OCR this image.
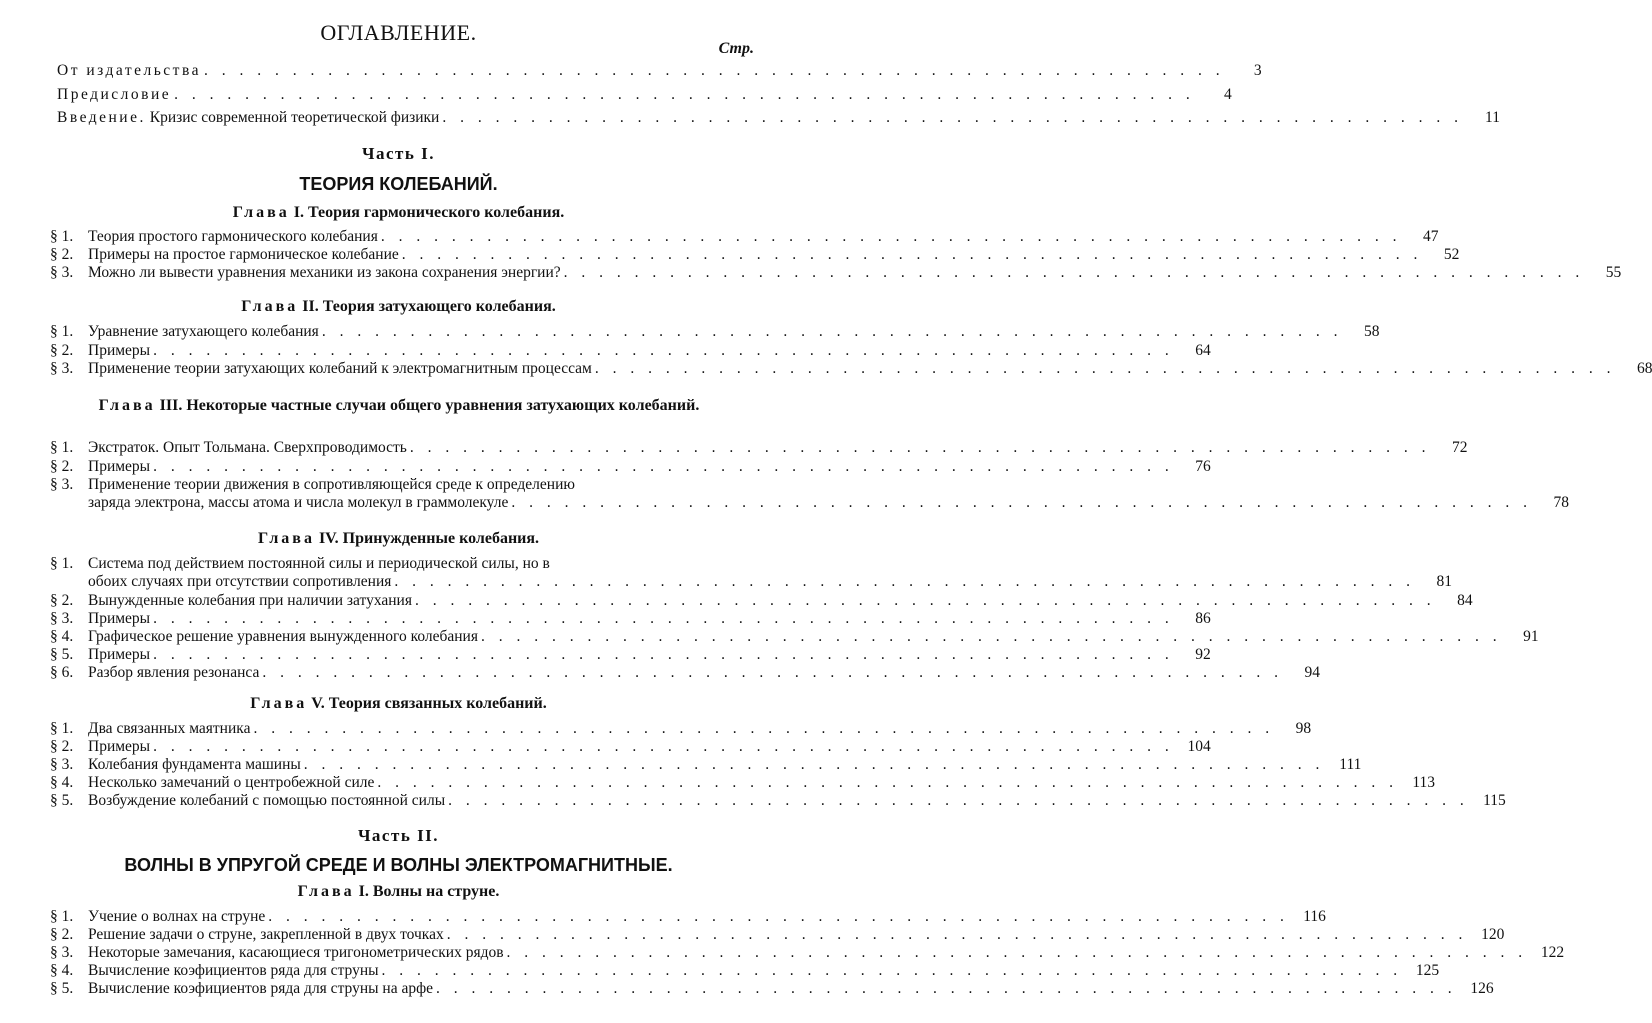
ОГЛАВЛЕНИЕ.
Стр.
От издательства . . . . . . . . . . . . . . . . . . . . . . . . . . . . . . . . . . . . . . . . . . . . . . . . . . . . . . . . . .	3
Предисловие . . . . . . . . . . . . . . . . . . . . . . . . . . . . . . . . . . . . . . . . . . . . . . . . . . . . . . . . . .	4
Введение.
Кризис современной теоретической физики . . . . . . . . . . . . . . . . . . . . . . . . . . . . . . . . . . . . . . . . . . . . . . . . . . . . . . . . . .	11
Часть I.
ТЕОРИЯ КОЛЕБАНИЙ.
Глава I. Теория гармонического колебания.
§ 1. Теория простого гармонического колебания . . . . . . . . . . . . . . . . . . . . . . . . . . . . . . . . . . . . . . . . . . . . . . . . . . . . . . . . . .	47
§ 2. Примеры на простое гармоническое колебание . . . . . . . . . . . . . . . . . . . . . . . . . . . . . . . . . . . . . . . . . . . . . . . . . . . . . . . . . .	52
§ 3. Можно ли вывести уравнения механики из закона сохранения энергии? . . . . . . . . . . . . . . . . . . . . . . . . . . . . . . . . . . . . . . . . . . . . . . . . . . . . . . . . . .	55
Глава II. Теория затухающего колебания.
§ 1. Уравнение затухающего колебания . . . . . . . . . . . . . . . . . . . . . . . . . . . . . . . . . . . . . . . . . . . . . . . . . . . . . . . . . .	58
§ 2. Примеры . . . . . . . . . . . . . . . . . . . . . . . . . . . . . . . . . . . . . . . . . . . . . . . . . . . . . . . . . .	64
§ 3. Применение теории затухающих колебаний к электромагнитным процессам . . . . . . . . . . . . . . . . . . . . . . . . . . . . . . . . . . . . . . . . . . . . . . . . . . . . . . . . . .	68
Глава III. Некоторые частные случаи общего уравнения затухающих колебаний.
§ 1. Экстраток. Опыт Тольмана. Сверхпроводимость . . . . . . . . . . . . . . . . . . . . . . . . . . . . . . . . . . . . . . . . . . . . . . . . . . . . . . . . . .	72
§ 2. Примеры . . . . . . . . . . . . . . . . . . . . . . . . . . . . . . . . . . . . . . . . . . . . . . . . . . . . . . . . . .	76
§ 3. Применение теории движения в сопротивляющейся среде к определению
заряда электрона, массы атома и числа молекул в граммолекуле . . . . . . . . . . . . . . . . . . . . . . . . . . . . . . . . . . . . . . . . . . . . . . . . . . . . . . . . . .	78
Глава IV. Принужденные колебания.
§ 1. Система под действием постоянной силы и периодической силы, но в
обоих случаях при отсутствии сопротивления . . . . . . . . . . . . . . . . . . . . . . . . . . . . . . . . . . . . . . . . . . . . . . . . . . . . . . . . . .	81
§ 2. Вынужденные колебания при наличии затухания . . . . . . . . . . . . . . . . . . . . . . . . . . . . . . . . . . . . . . . . . . . . . . . . . . . . . . . . . .	84
§ 3. Примеры . . . . . . . . . . . . . . . . . . . . . . . . . . . . . . . . . . . . . . . . . . . . . . . . . . . . . . . . . .	86
§ 4. Графическое решение уравнения вынужденного колебания . . . . . . . . . . . . . . . . . . . . . . . . . . . . . . . . . . . . . . . . . . . . . . . . . . . . . . . . . .	91
§ 5. Примеры . . . . . . . . . . . . . . . . . . . . . . . . . . . . . . . . . . . . . . . . . . . . . . . . . . . . . . . . . .	92
§ 6. Разбор явления резонанса . . . . . . . . . . . . . . . . . . . . . . . . . . . . . . . . . . . . . . . . . . . . . . . . . . . . . . . . . .	94
Глава V. Теория связанных колебаний.
§ 1. Два связанных маятника . . . . . . . . . . . . . . . . . . . . . . . . . . . . . . . . . . . . . . . . . . . . . . . . . . . . . . . . . .	98
§ 2. Примеры . . . . . . . . . . . . . . . . . . . . . . . . . . . . . . . . . . . . . . . . . . . . . . . . . . . . . . . . . . 104
§ 3. Колебания фундамента машины . . . . . . . . . . . . . . . . . . . . . . . . . . . . . . . . . . . . . . . . . . . . . . . . . . . . . . . . . . 111
§ 4. Несколько замечаний о центробежной силе . . . . . . . . . . . . . . . . . . . . . . . . . . . . . . . . . . . . . . . . . . . . . . . . . . . . . . . . . . 113
§ 5. Возбуждение колебаний с помощью постоянной силы . . . . . . . . . . . . . . . . . . . . . . . . . . . . . . . . . . . . . . . . . . . . . . . . . . . . . . . . . . 115
Часть II.
ВОЛНЫ В УПРУГОЙ СРЕДЕ И ВОЛНЫ ЭЛЕКТРОМАГНИТНЫЕ.
Глава I. Волны на струне.
§ 1. Учение о волнах на струне . . . . . . . . . . . . . . . . . . . . . . . . . . . . . . . . . . . . . . . . . . . . . . . . . . . . . . . . . . 116
§ 2. Решение задачи о струне, закрепленной в двух точках . . . . . . . . . . . . . . . . . . . . . . . . . . . . . . . . . . . . . . . . . . . . . . . . . . . . . . . . . . 120
§ 3. Некоторые замечания, касающиеся тригонометрических рядов . . . . . . . . . . . . . . . . . . . . . . . . . . . . . . . . . . . . . . . . . . . . . . . . . . . . . . . . . . 122
§ 4. Вычисление коэфициентов ряда для струны . . . . . . . . . . . . . . . . . . . . . . . . . . . . . . . . . . . . . . . . . . . . . . . . . . . . . . . . . . 125
§ 5. Вычисление коэфициентов ряда для струны на арфе . . . . . . . . . . . . . . . . . . . . . . . . . . . . . . . . . . . . . . . . . . . . . . . . . . . . . . . . . . 126
